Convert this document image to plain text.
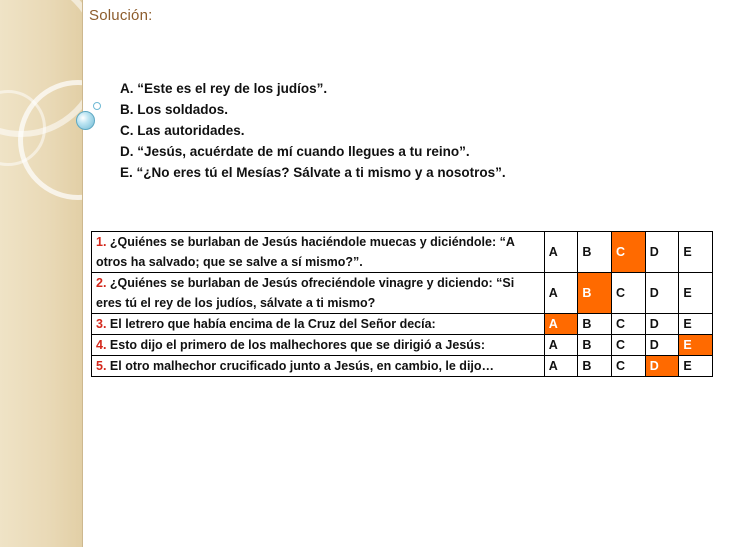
Solución:
A. “Este es el rey de los judíos”.
B. Los soldados.
C. Las autoridades.
D. “Jesús, acuérdate de mí cuando llegues a tu reino”.
E. “¿No eres tú el Mesías? Sálvate a ti mismo y a nosotros”.
1. ¿Quiénes se burlaban de Jesús haciéndole muecas y diciéndole: “A otros ha salvado; que se salve a sí mismo?”.	A	B	C	D	E
2. ¿Quiénes se burlaban de Jesús ofreciéndole vinagre y diciendo: “Si eres tú el rey de los judíos, sálvate a ti mismo?	A	B	C	D	E
3. El letrero que había encima de la Cruz del Señor decía:	A	B	C	D	E
4. Esto dijo el primero de los malhechores que se dirigió a Jesús:	A	B	C	D	E
5. El otro malhechor crucificado junto a Jesús, en cambio, le dijo…	A	B	C	D	E
